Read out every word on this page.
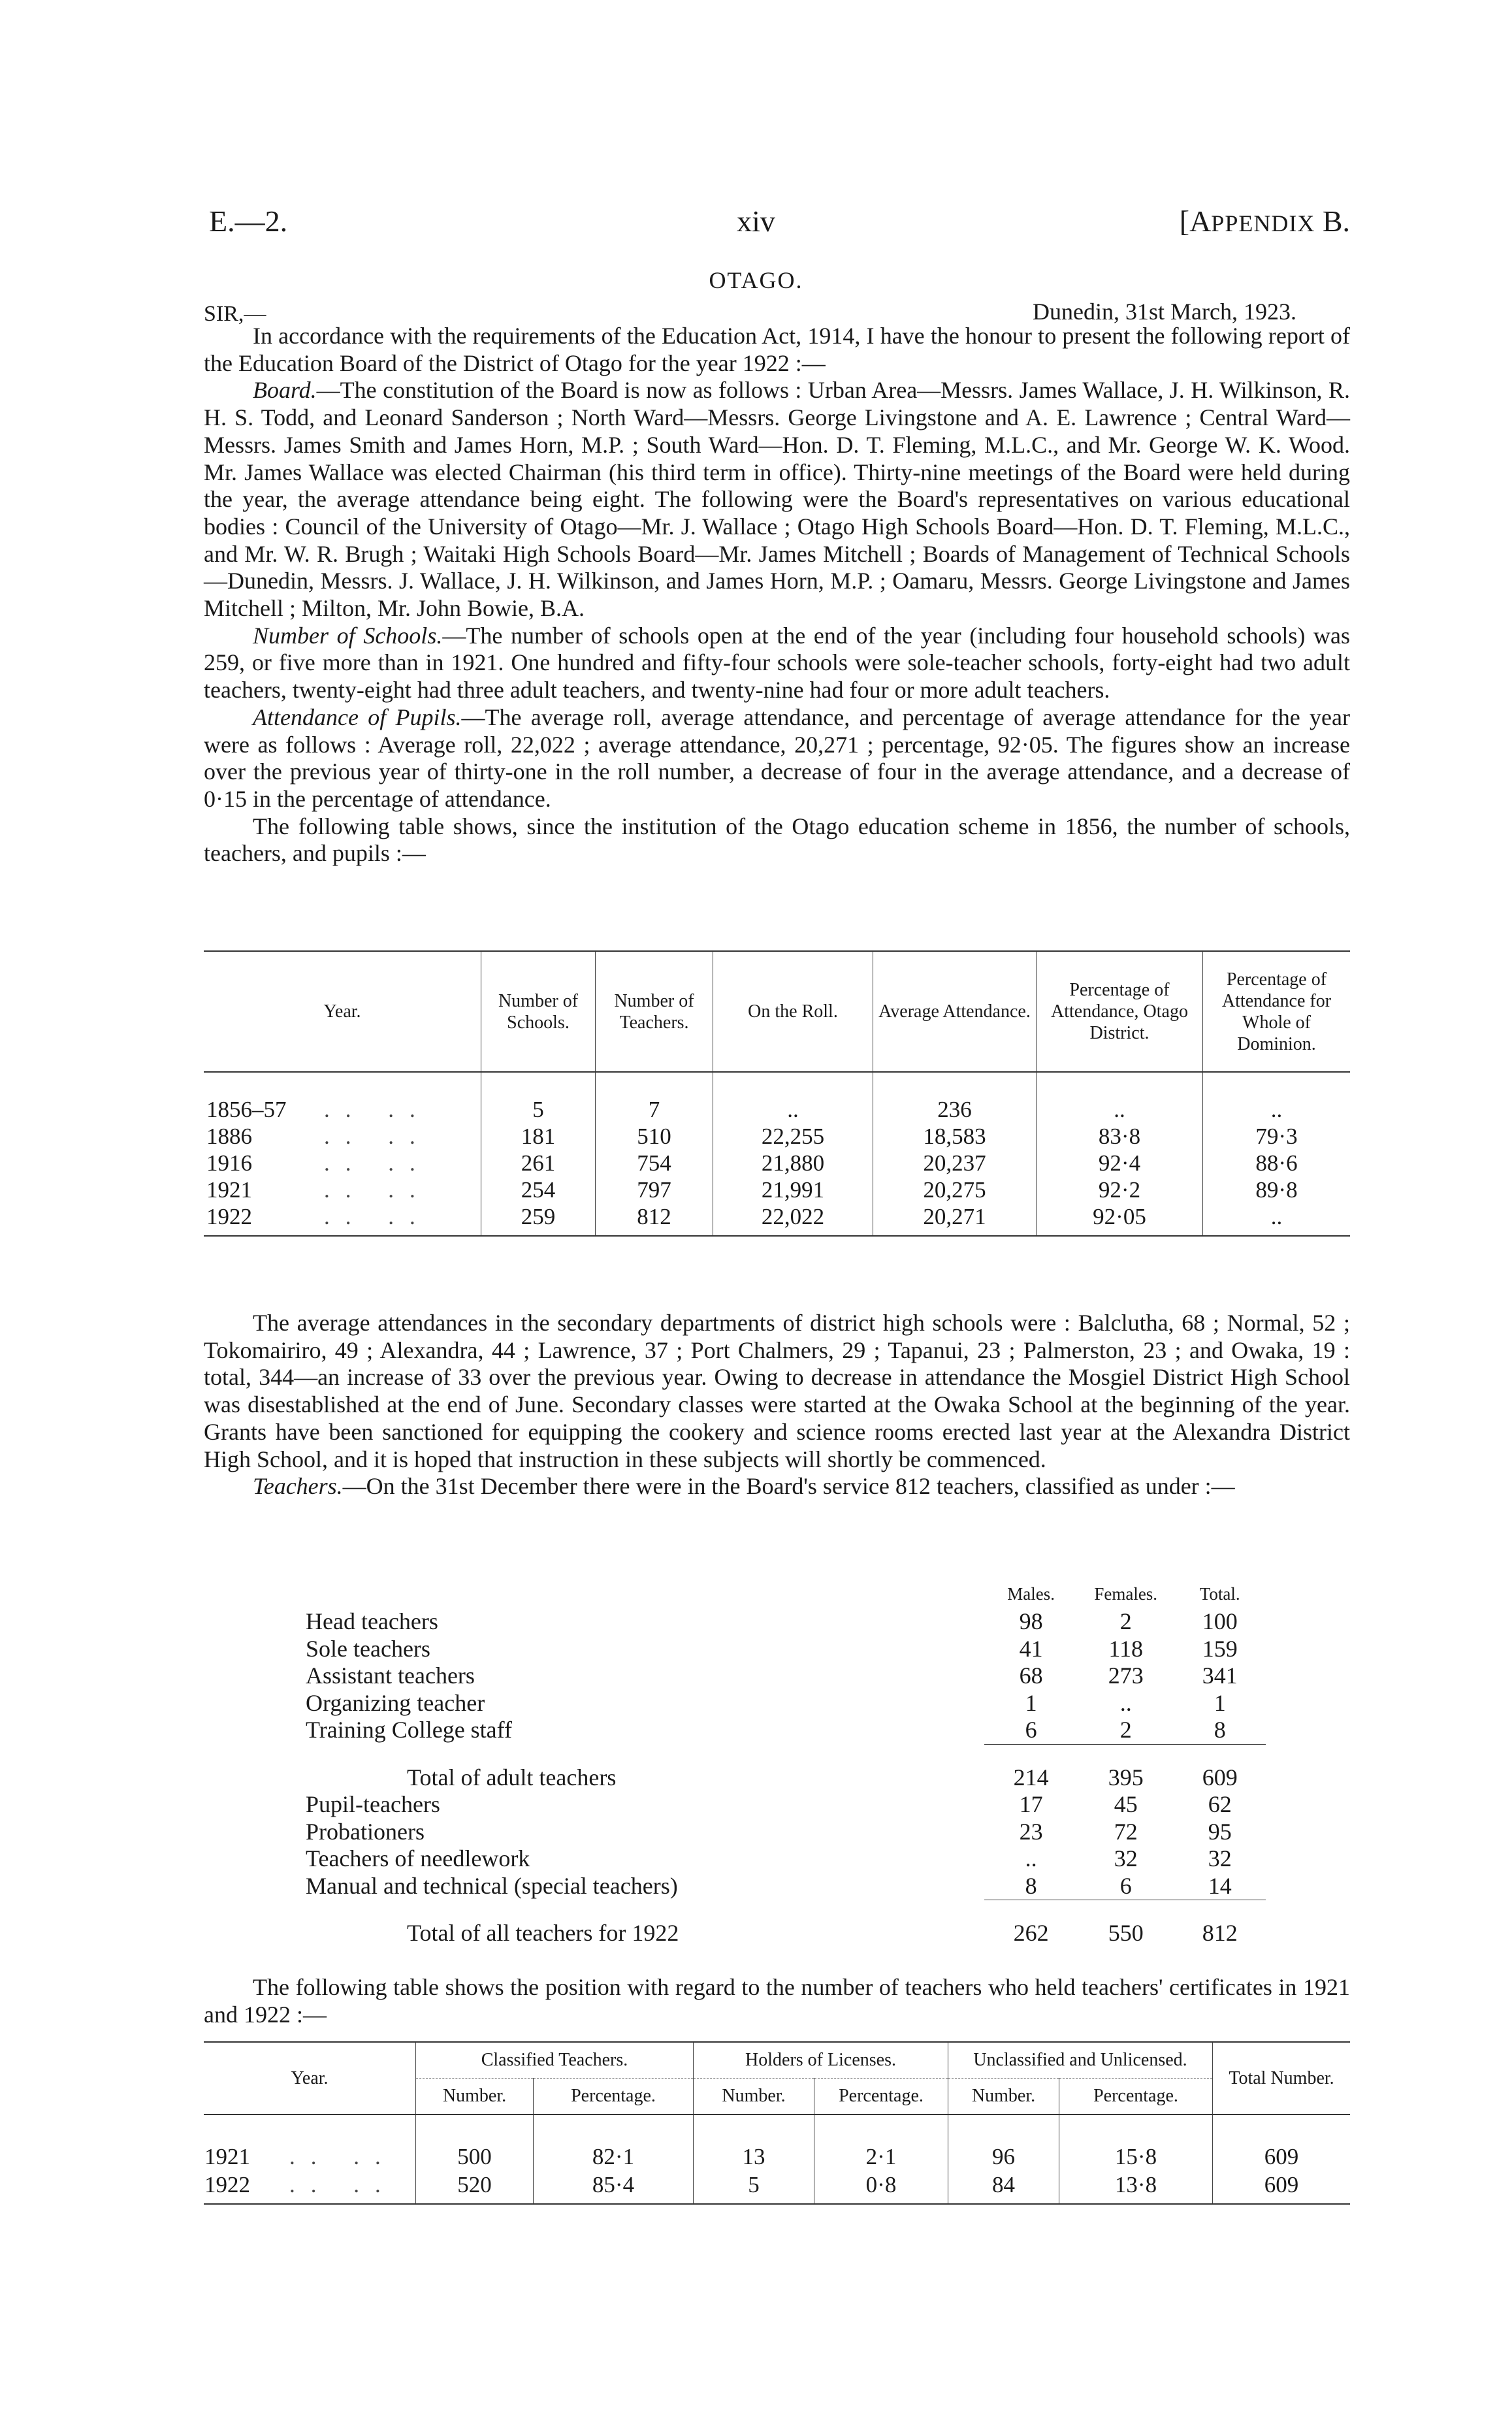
E.—2.	xiv	[APPENDIX B.
OTAGO.
SIR,—	Dunedin, 31st March, 1923.

In accordance with the requirements of the Education Act, 1914, I have the honour to present the following report of the Education Board of the District of Otago for the year 1922 :—

Board.—The constitution of the Board is now as follows : Urban Area—Messrs. James Wallace, J. H. Wilkinson, R. H. S. Todd, and Leonard Sanderson ; North Ward—Messrs. George Livingstone and A. E. Lawrence ; Central Ward—Messrs. James Smith and James Horn, M.P. ; South Ward—Hon. D. T. Fleming, M.L.C., and Mr. George W. K. Wood. Mr. James Wallace was elected Chairman (his third term in office). Thirty-nine meetings of the Board were held during the year, the average attendance being eight. The following were the Board's representatives on various educational bodies : Council of the University of Otago—Mr. J. Wallace ; Otago High Schools Board—Hon. D. T. Fleming, M.L.C., and Mr. W. R. Brugh ; Waitaki High Schools Board—Mr. James Mitchell ; Boards of Management of Technical Schools—Dunedin, Messrs. J. Wallace, J. H. Wilkinson, and James Horn, M.P. ; Oamaru, Messrs. George Livingstone and James Mitchell ; Milton, Mr. John Bowie, B.A.

Number of Schools.—The number of schools open at the end of the year (including four household schools) was 259, or five more than in 1921. One hundred and fifty-four schools were sole-teacher schools, forty-eight had two adult teachers, twenty-eight had three adult teachers, and twenty-nine had four or more adult teachers.

Attendance of Pupils.—The average roll, average attendance, and percentage of average attendance for the year were as follows : Average roll, 22,022 ; average attendance, 20,271 ; percentage, 92·05. The figures show an increase over the previous year of thirty-one in the roll number, a decrease of four in the average attendance, and a decrease of 0·15 in the percentage of attendance.

The following table shows, since the institution of the Otago education scheme in 1856, the number of schools, teachers, and pupils :—

Year.	Number of Schools.	Number of Teachers.	On the Roll.	Average Attendance.	Percentage of Attendance, Otago District.	Percentage of Attendance for Whole of Dominion.

1856–57 .. ..	5	7	..	236	..	..
1886 .. ..	181	510	22,255	18,583	83·8	79·3
1916 .. ..	261	754	21,880	20,237	92·4	88·6
1921 .. ..	254	797	21,991	20,275	92·2	89·8
1922 .. ..	259	812	22,022	20,271	92·05	..

The average attendances in the secondary departments of district high schools were : Balclutha, 68 ; Normal, 52 ; Tokomairiro, 49 ; Alexandra, 44 ; Lawrence, 37 ; Port Chalmers, 29 ; Tapanui, 23 ; Palmerston, 23 ; and Owaka, 19 : total, 344—an increase of 33 over the previous year. Owing to decrease in attendance the Mosgiel District High School was disestablished at the end of June. Secondary classes were started at the Owaka School at the beginning of the year. Grants have been sanctioned for equipping the cookery and science rooms erected last year at the Alexandra District High School, and it is hoped that instruction in these subjects will shortly be commenced.

Teachers.—On the 31st December there were in the Board's service 812 teachers, classified as under :—

	Males.	Females.	Total.
Head teachers	98	2	100
Sole teachers	41	118	159
Assistant teachers	68	273	341
Organizing teacher	1	..	1
Training College staff	6	2	8

Total of adult teachers	214	395	609
Pupil-teachers	17	45	62
Probationers	23	72	95
Teachers of needlework	..	32	32
Manual and technical (special teachers)	8	6	14

Total of all teachers for 1922	262	550	812

The following table shows the position with regard to the number of teachers who held teachers' certificates in 1921 and 1922 :—

Year.	Classified Teachers.		Holders of Licenses.		Unclassified and Unlicensed.		Total Number.
	Number.	Percentage.	Number.	Percentage.	Number.	Percentage.	

1921 .. ..	500	82·1	13	2·1	96	15·8	609
1922 .. ..	520	85·4	5	0·8	84	13·8	609
